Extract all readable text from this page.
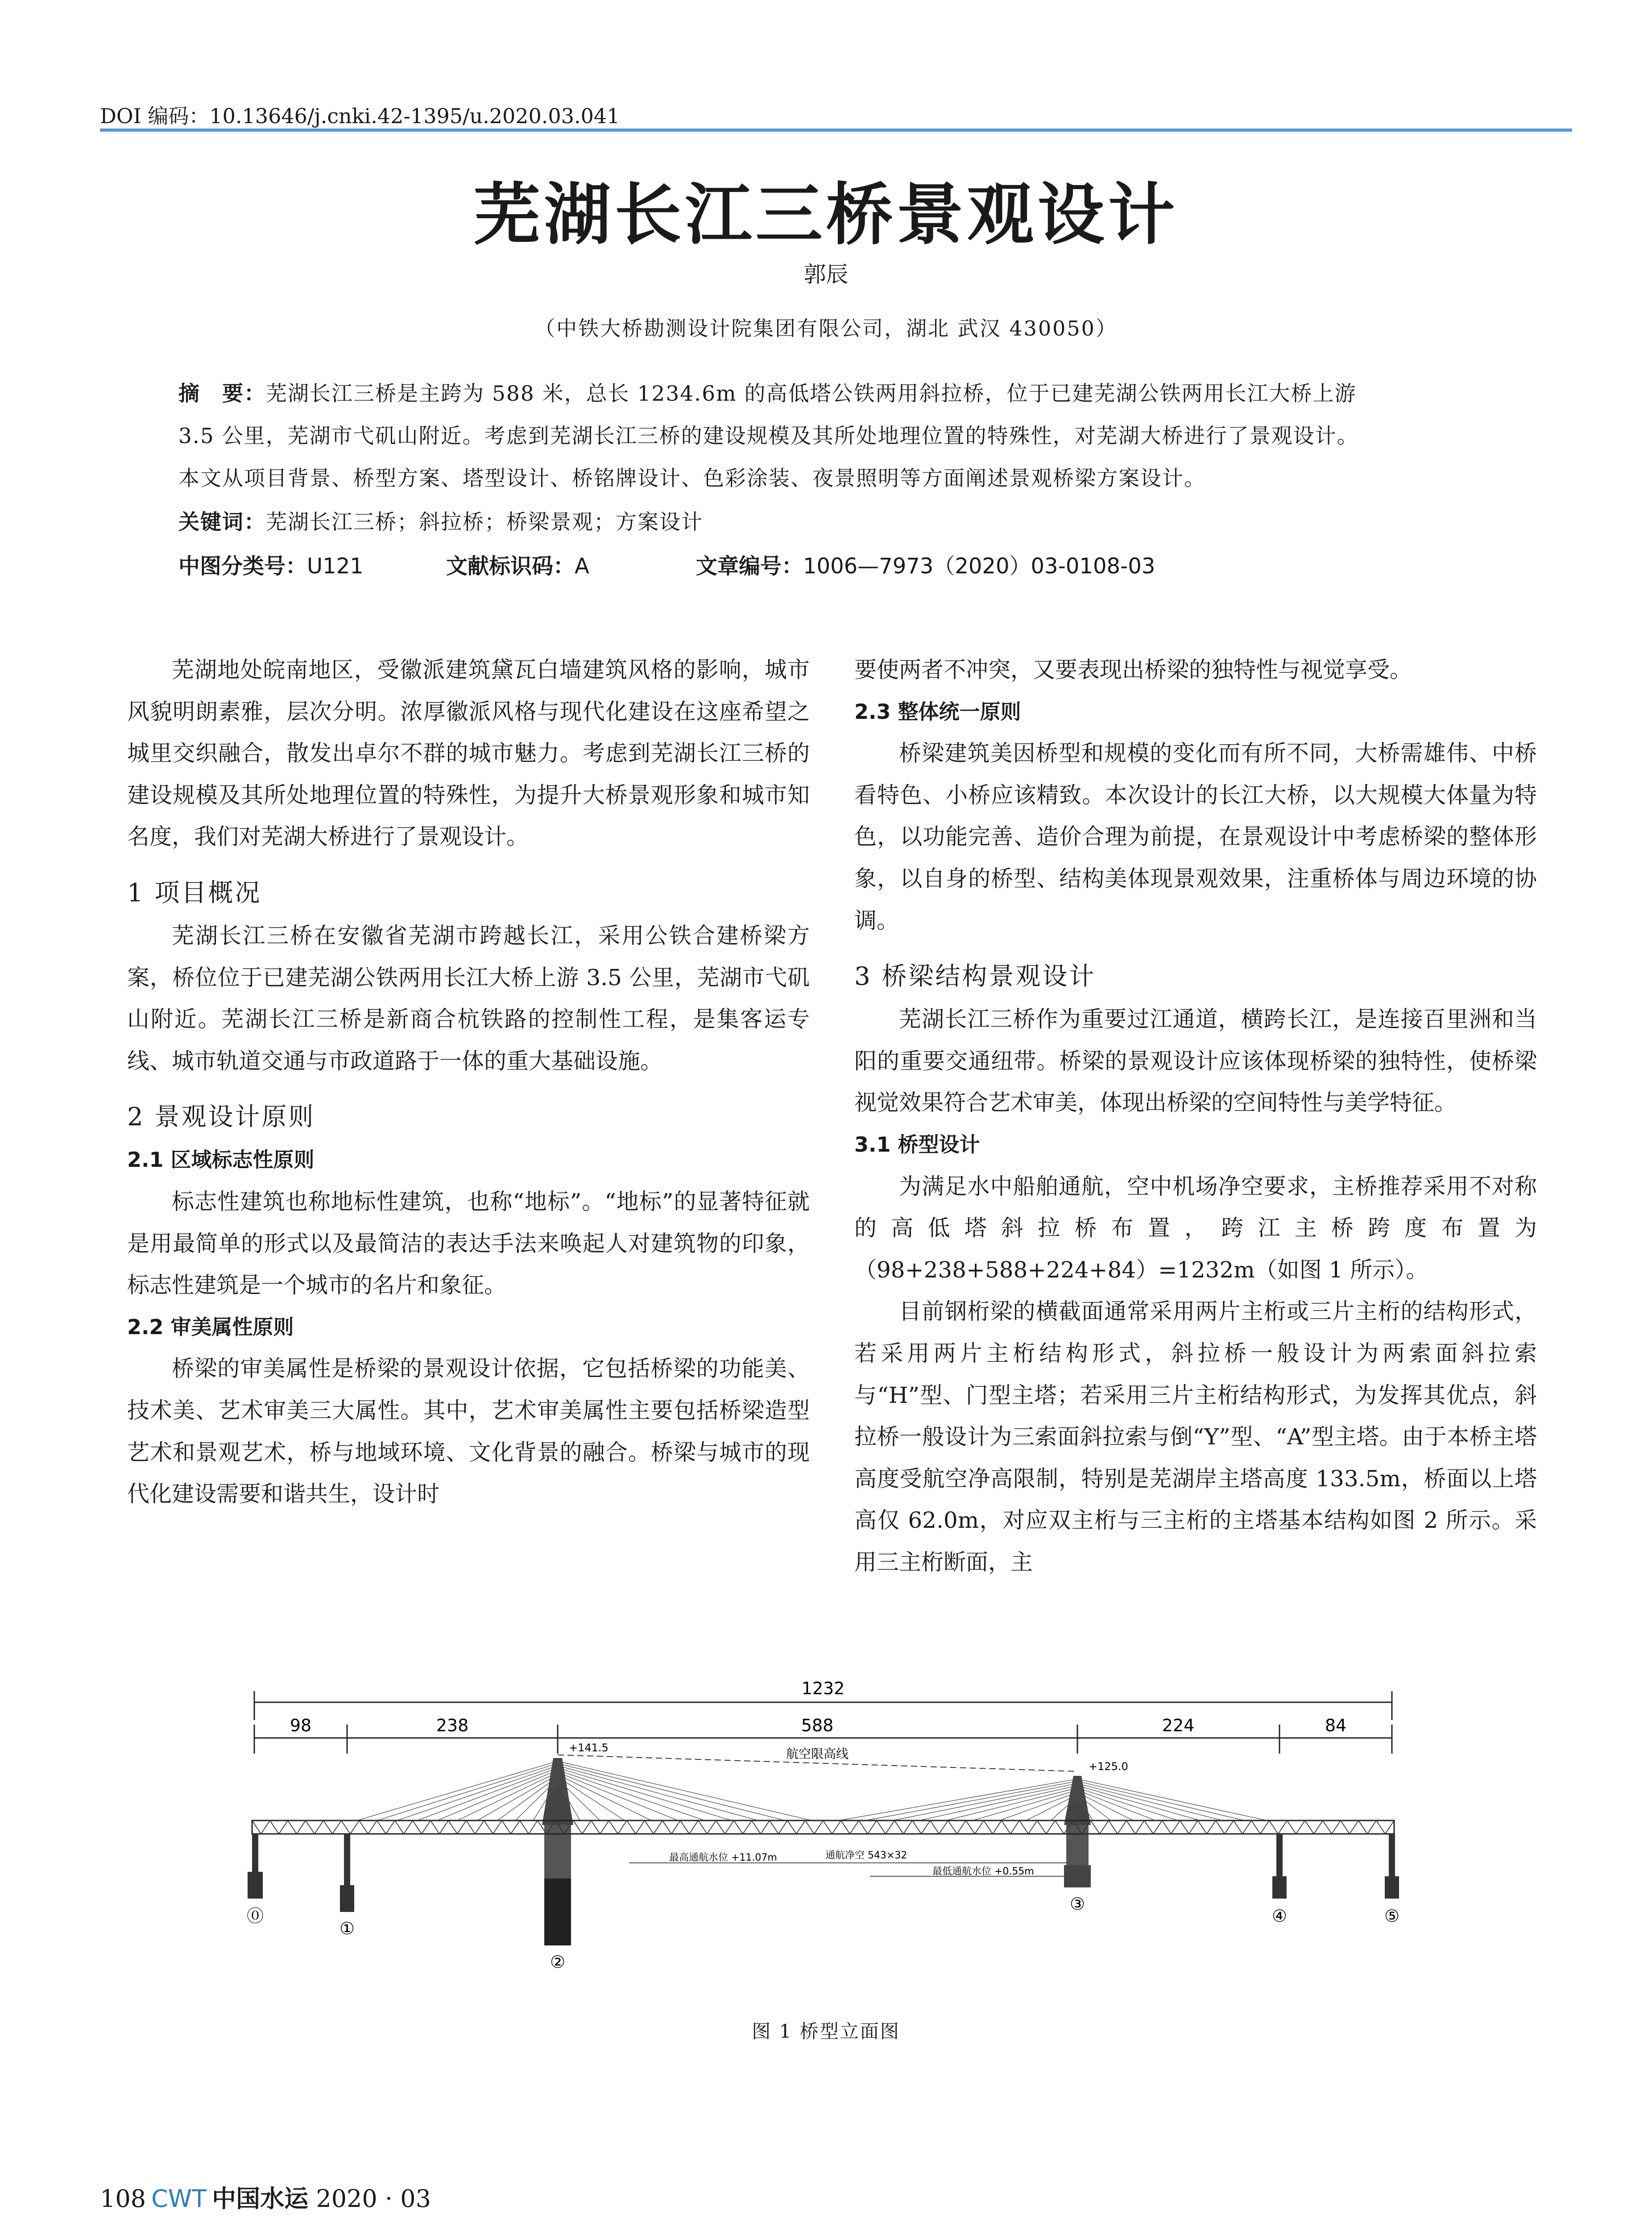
DOI 编码：10.13646/j.cnki.42-1395/u.2020.03.041
芜湖长江三桥景观设计
郭辰
（中铁大桥勘测设计院集团有限公司，湖北 武汉 430050）
摘　要：芜湖长江三桥是主跨为 588 米，总长 1234.6m 的高低塔公铁两用斜拉桥，位于已建芜湖公铁两用长江大桥上游
3.5 公里，芜湖市弋矶山附近。考虑到芜湖长江三桥的建设规模及其所处地理位置的特殊性，对芜湖大桥进行了景观设计。
本文从项目背景、桥型方案、塔型设计、桥铭牌设计、色彩涂装、夜景照明等方面阐述景观桥梁方案设计。
关键词：芜湖长江三桥；斜拉桥；桥梁景观；方案设计
中图分类号：U121	文献标识码：A	文章编号：1006—7973（2020）03-0108-03

芜湖地处皖南地区，受徽派建筑黛瓦白墙建筑风格的影响，城市风貌明朗素雅，层次分明。浓厚徽派风格与现代化建设在这座希望之城里交织融合，散发出卓尔不群的城市魅力。考虑到芜湖长江三桥的建设规模及其所处地理位置的特殊性，为提升大桥景观形象和城市知名度，我们对芜湖大桥进行了景观设计。

1 项目概况

芜湖长江三桥在安徽省芜湖市跨越长江，采用公铁合建桥梁方案，桥位位于已建芜湖公铁两用长江大桥上游 3.5 公里，芜湖市弋矶山附近。芜湖长江三桥是新商合杭铁路的控制性工程，是集客运专线、城市轨道交通与市政道路于一体的重大基础设施。

2 景观设计原则
2.1 区域标志性原则

标志性建筑也称地标性建筑，也称“地标”。“地标”的显著特征就是用最简单的形式以及最简洁的表达手法来唤起人对建筑物的印象，标志性建筑是一个城市的名片和象征。

2.2 审美属性原则

桥梁的审美属性是桥梁的景观设计依据，它包括桥梁的功能美、技术美、艺术审美三大属性。其中，艺术审美属性主要包括桥梁造型艺术和景观艺术，桥与地域环境、文化背景的融合。桥梁与城市的现代化建设需要和谐共生，设计时

要使两者不冲突，又要表现出桥梁的独特性与视觉享受。

2.3 整体统一原则

桥梁建筑美因桥型和规模的变化而有所不同，大桥需雄伟、中桥看特色、小桥应该精致。本次设计的长江大桥，以大规模大体量为特色，以功能完善、造价合理为前提，在景观设计中考虑桥梁的整体形象，以自身的桥型、结构美体现景观效果，注重桥体与周边环境的协调。

3 桥梁结构景观设计

芜湖长江三桥作为重要过江通道，横跨长江，是连接百里洲和当阳的重要交通纽带。桥梁的景观设计应该体现桥梁的独特性，使桥梁视觉效果符合艺术审美，体现出桥梁的空间特性与美学特征。

3.1 桥型设计

为满足水中船舶通航，空中机场净空要求，主桥推荐采用不对称的高低塔斜拉桥布置，跨江主桥跨度布置为（98+238+588+224+84）=1232m（如图 1 所示）。

目前钢桁梁的横截面通常采用两片主桁或三片主桁的结构形式，若采用两片主桁结构形式，斜拉桥一般设计为两索面斜拉索与“H”型、门型主塔；若采用三片主桁结构形式，为发挥其优点，斜拉桥一般设计为三索面斜拉索与倒“Y”型、“A”型主塔。由于本桥主塔高度受航空净高限制，特别是芜湖岸主塔高度 133.5m，桥面以上塔高仅 62.0m，对应双主桁与三主桁的主塔基本结构如图 2 所示。采用三主桁断面，主

1232
98	238	588	224	84
航空限高线
+141.5
+125.0
最高通航水位 +11.07m	通航净空 543×32
最低通航水位 +0.55m
⓪
①
②
③
④	⑤
图 1 桥型立面图
108 CWT 中国水运 2020 · 03
